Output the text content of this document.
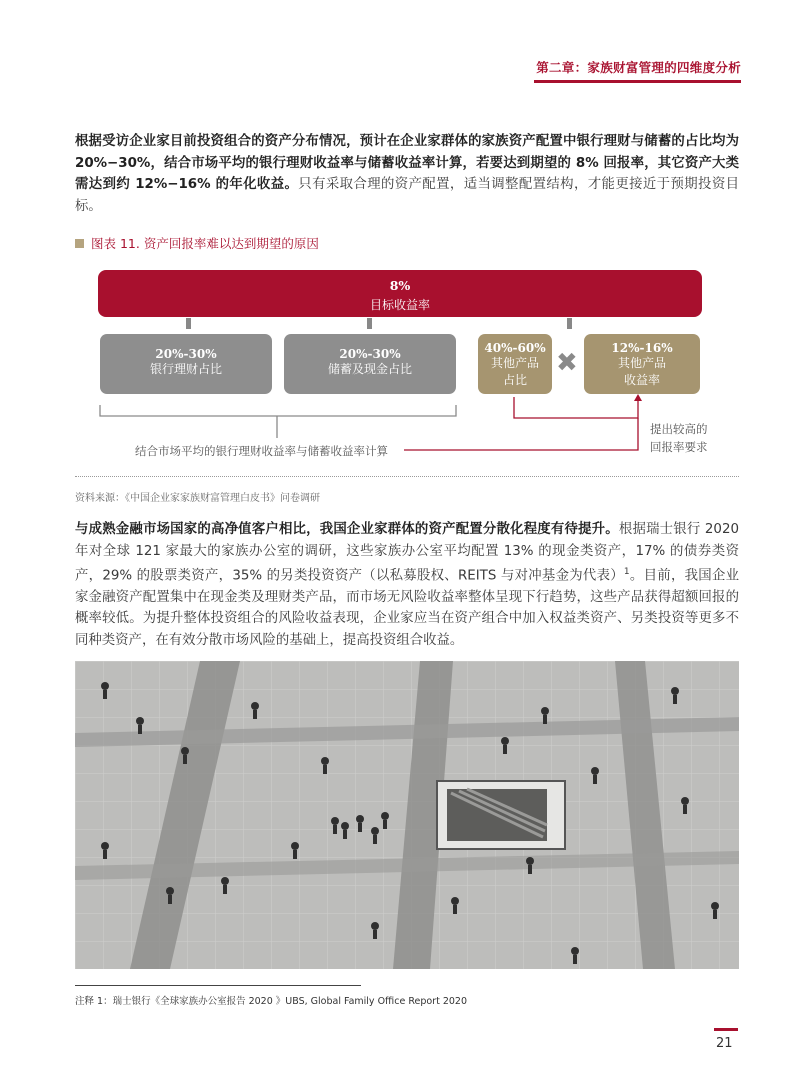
第二章：家族财富管理的四维度分析
根据受访企业家目前投资组合的资产分布情况，预计在企业家群体的家族资产配置中银行理财与储蓄的占比均为 20%−30%，结合市场平均的银行理财收益率与储蓄收益率计算，若要达到期望的 8% 回报率，其它资产大类需达到约 12%−16% 的年化收益。只有采取合理的资产配置，适当调整配置结构，才能更接近于预期投资目标。
图表 11. 资产回报率难以达到期望的原因
8%
目标收益率
20%-30%
银行理财占比
20%-30%
储蓄及现金占比
40%-60%
其他产品
占比
✖	12%-16%
其他产品
收益率
结合市场平均的银行理财收益率与储蓄收益率计算
提出较高的
回报率要求
资料来源：《中国企业家家族财富管理白皮书》问卷调研
与成熟金融市场国家的高净值客户相比，我国企业家群体的资产配置分散化程度有待提升。根据瑞士银行 2020 年对全球 121 家最大的家族办公室的调研，这些家族办公室平均配置 13% 的现金类资产，17% 的债券类资产，29% 的股票类资产，35% 的另类投资资产（以私募股权、REITS 与对冲基金为代表）$^1$。目前，我国企业家金融资产配置集中在现金类及理财类产品，而市场无风险收益率整体呈现下行趋势，这些产品获得超额回报的概率较低。为提升整体投资组合的风险收益表现，企业家应当在资产组合中加入权益类资产、另类投资等更多不同种类资产，在有效分散市场风险的基础上，提高投资组合收益。
注释 1：瑞士银行《全球家族办公室报告 2020 》UBS, Global Family Office Report 2020
21
